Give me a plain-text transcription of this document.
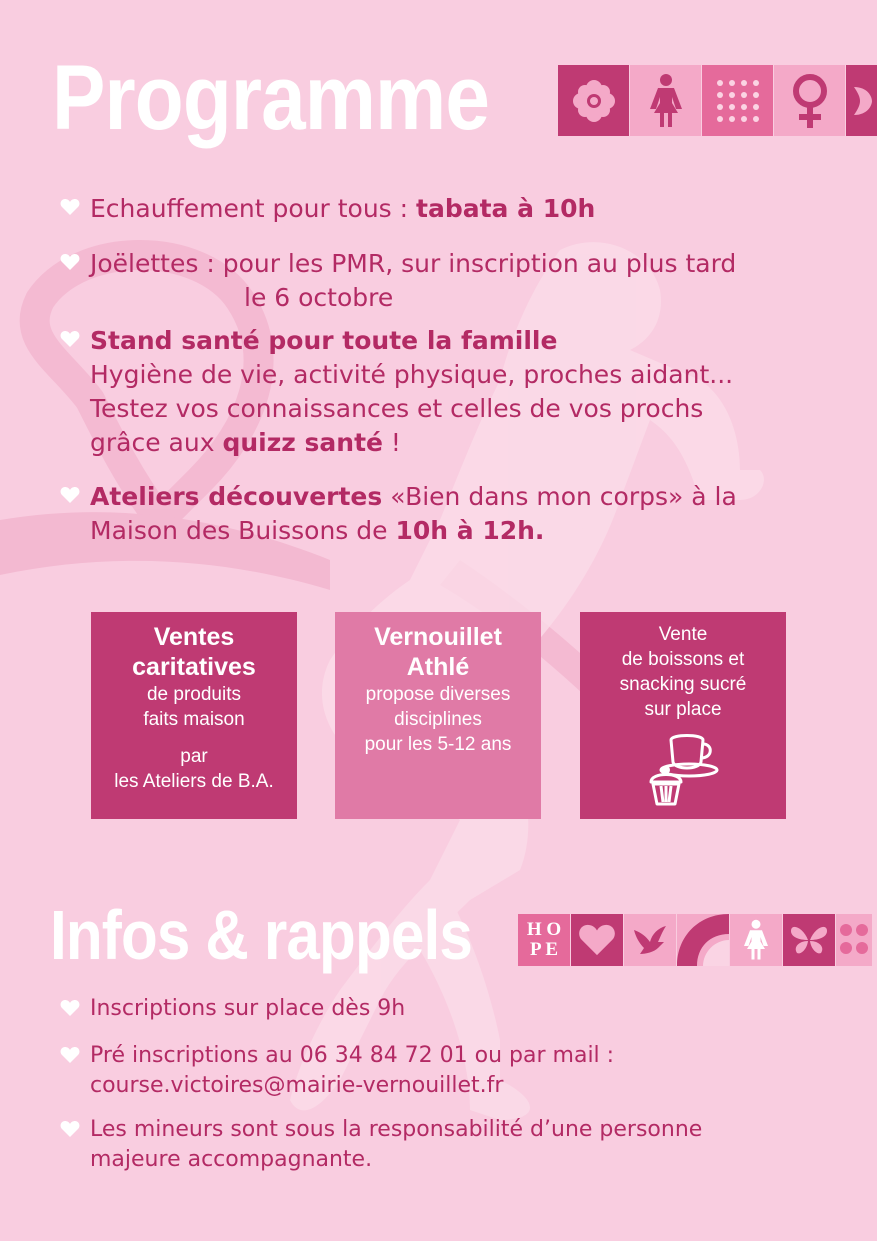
Programme
Echauffement pour tous : tabata à 10h
Joëlettes : pour les PMR, sur inscription au plus tard
le 6 octobre
Stand santé pour toute la famille
Hygiène de vie, activité physique, proches aidant...
Testez vos connaissances et celles de vos prochs
grâce aux quizz santé !
Ateliers découvertes «Bien dans mon corps» à la
Maison des Buissons de 10h à 12h.
Ventes
caritatives
de produits
faits maison
par
les Ateliers de B.A.
Vernouillet
Athlé
propose diverses
disciplines
pour les 5-12 ans
Vente
de boissons et
snacking sucré
sur place
Infos & rappels	H O
P E
Inscriptions sur place dès 9h
Pré inscriptions au 06 34 84 72 01 ou par mail :
course.victoires@mairie-vernouillet.fr
Les mineurs sont sous la responsabilité d’une personne
majeure accompagnante.
